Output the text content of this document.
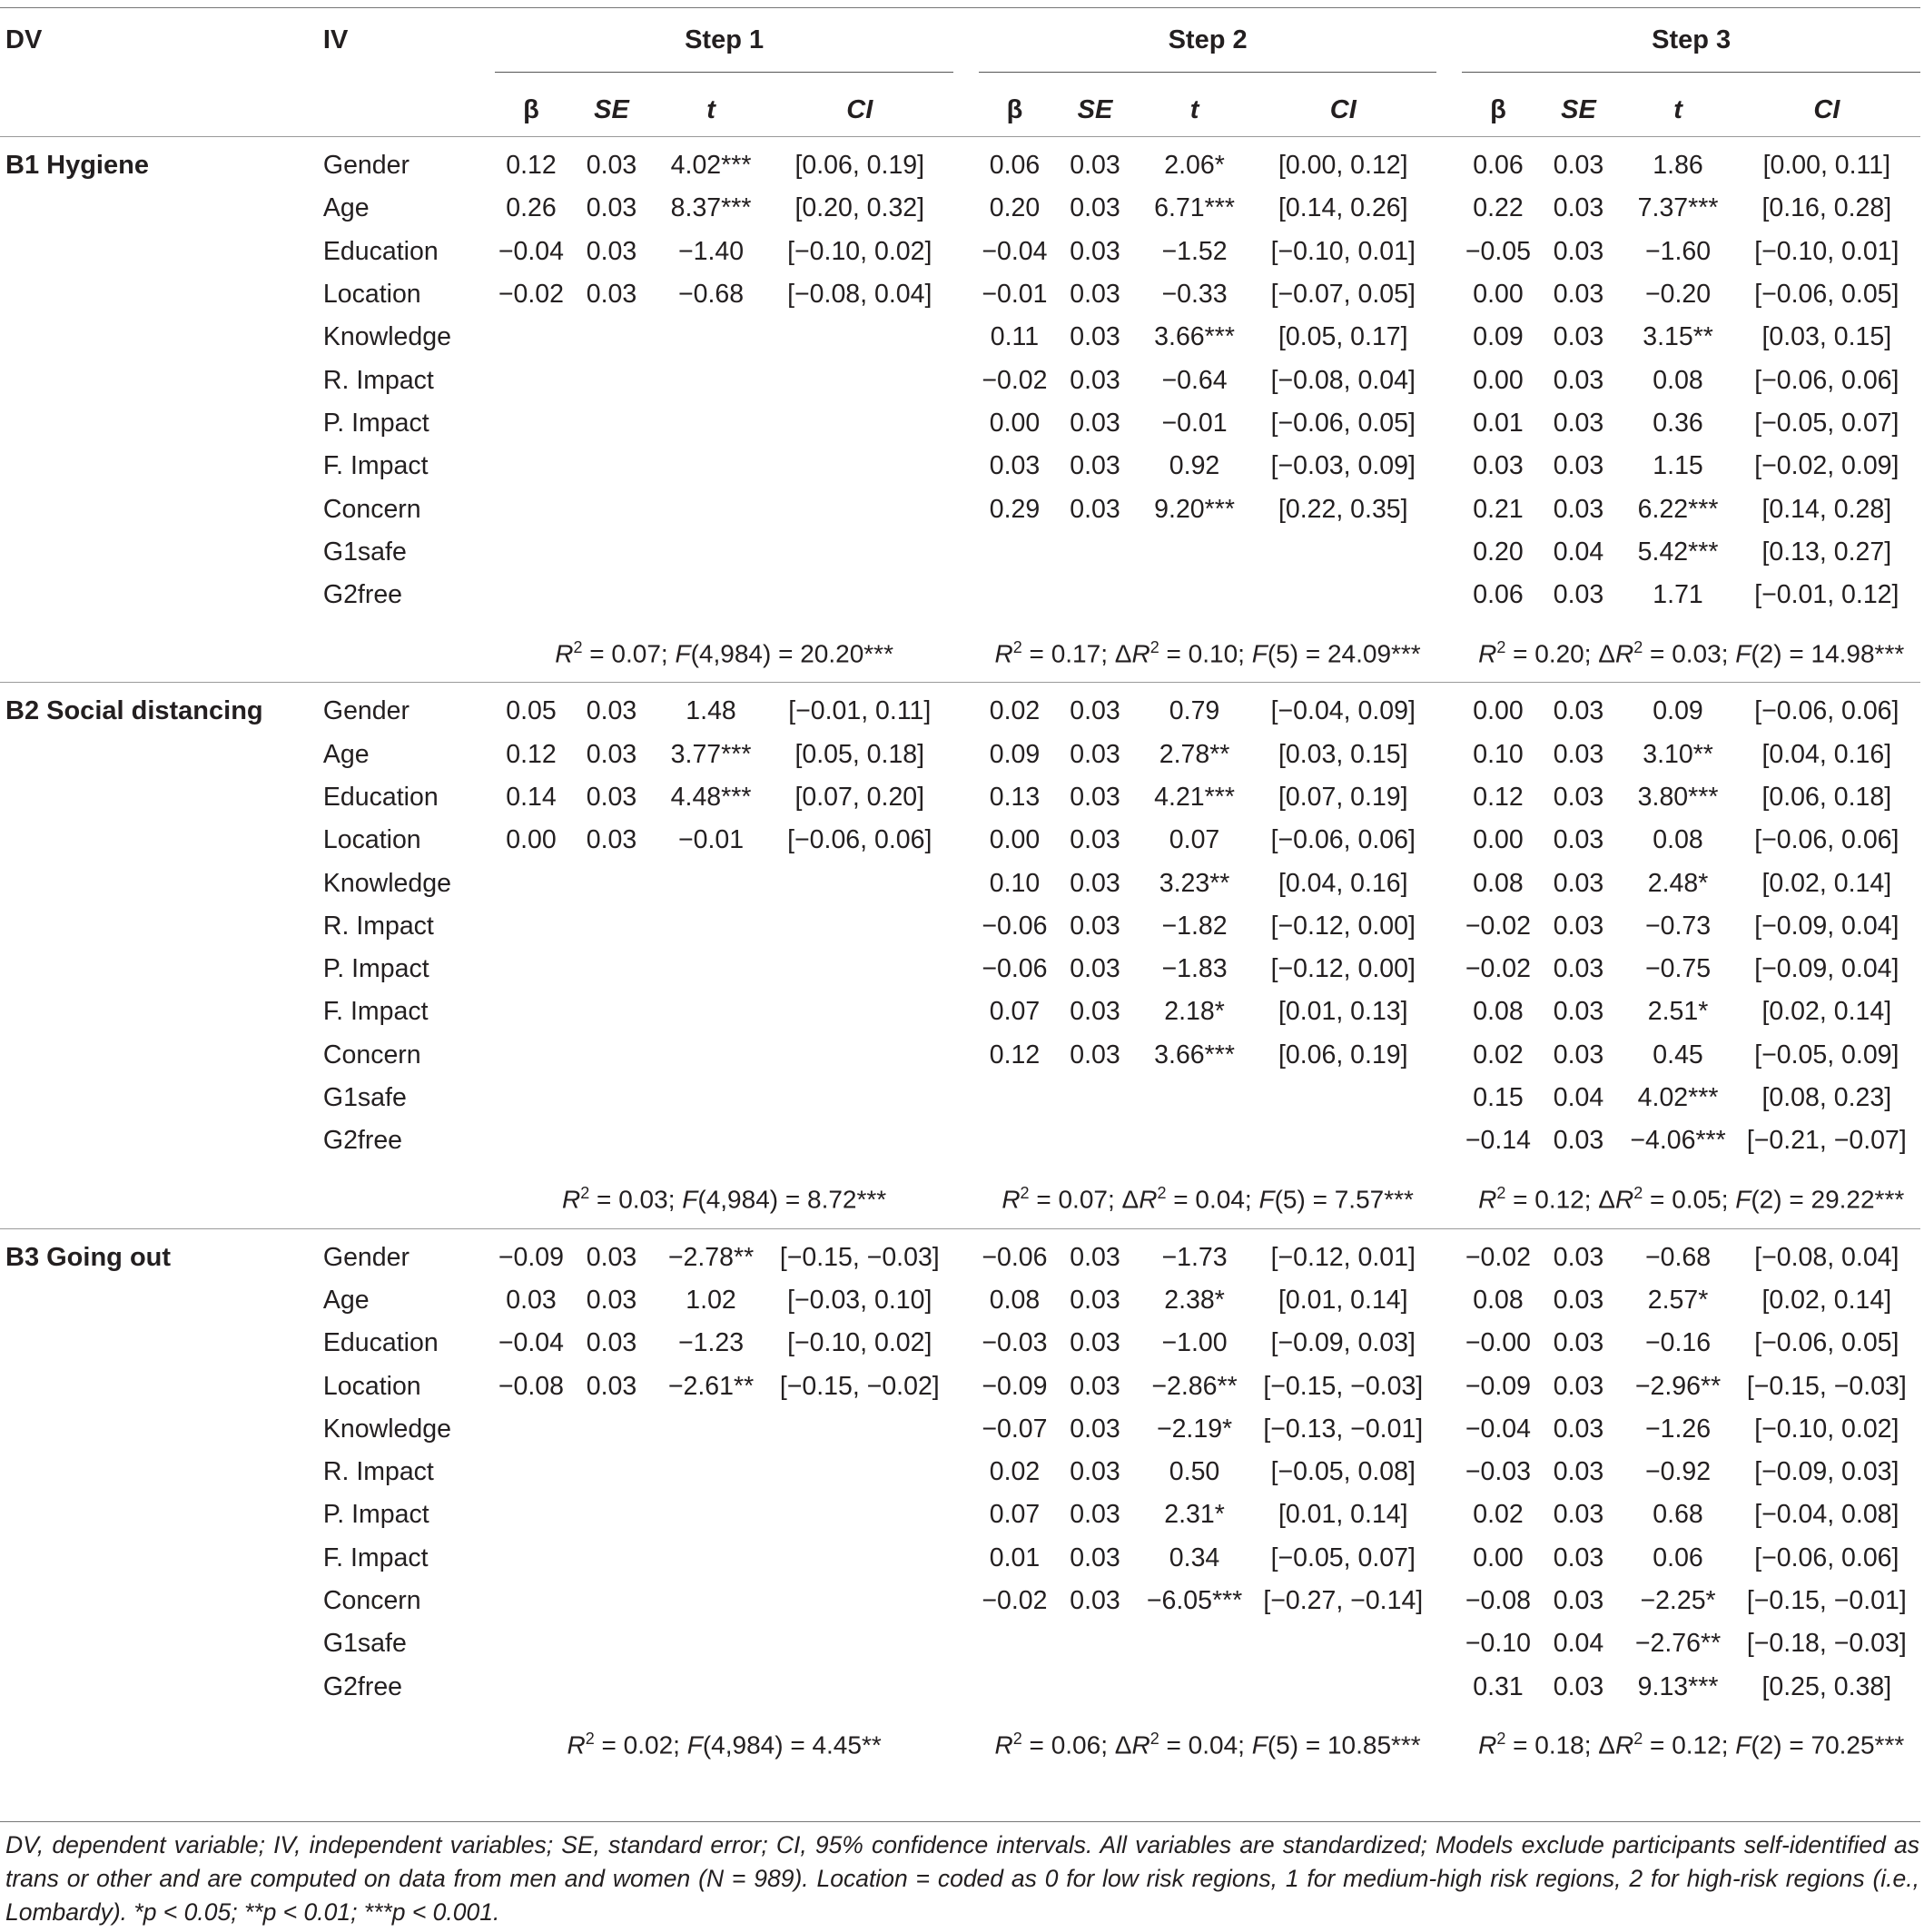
DV	IV	Step 1					Step 2					Step 3			

		β	SE	t	CI		β	SE	t	CI		β	SE	t	CI

B1 Hygiene	Gender	0.12	0.03	4.02***	[0.06, 0.19]		0.06	0.03	2.06*	[0.00, 0.12]		0.06	0.03	1.86	[0.00, 0.11]
	Age	0.26	0.03	8.37***	[0.20, 0.32]		0.20	0.03	6.71***	[0.14, 0.26]		0.22	0.03	7.37***	[0.16, 0.28]
	Education	−0.04	0.03	−1.40	[−0.10, 0.02]		−0.04	0.03	−1.52	[−0.10, 0.01]		−0.05	0.03	−1.60	[−0.10, 0.01]
	Location	−0.02	0.03	−0.68	[−0.08, 0.04]		−0.01	0.03	−0.33	[−0.07, 0.05]		0.00	0.03	−0.20	[−0.06, 0.05]
	Knowledge						0.11	0.03	3.66***	[0.05, 0.17]		0.09	0.03	3.15**	[0.03, 0.15]
	R. Impact						−0.02	0.03	−0.64	[−0.08, 0.04]		0.00	0.03	0.08	[−0.06, 0.06]
	P. Impact						0.00	0.03	−0.01	[−0.06, 0.05]		0.01	0.03	0.36	[−0.05, 0.07]
	F. Impact						0.03	0.03	0.92	[−0.03, 0.09]		0.03	0.03	1.15	[−0.02, 0.09]
	Concern						0.29	0.03	9.20***	[0.22, 0.35]		0.21	0.03	6.22***	[0.14, 0.28]
	G1safe											0.20	0.04	5.42***	[0.13, 0.27]
	G2free											0.06	0.03	1.71	[−0.01, 0.12]

		$R^2 = 0.07$; F(4,984) = 20.20***					$R^2 = 0.17$; $\Delta R^2 = 0.10$; F(5) = 24.09***					$R^2 = 0.20$; $\Delta R^2 = 0.03$; F(2) = 14.98***			

B2 Social distancing	Gender	0.05	0.03	1.48	[−0.01, 0.11]		0.02	0.03	0.79	[−0.04, 0.09]		0.00	0.03	0.09	[−0.06, 0.06]
	Age	0.12	0.03	3.77***	[0.05, 0.18]		0.09	0.03	2.78**	[0.03, 0.15]		0.10	0.03	3.10**	[0.04, 0.16]
	Education	0.14	0.03	4.48***	[0.07, 0.20]		0.13	0.03	4.21***	[0.07, 0.19]		0.12	0.03	3.80***	[0.06, 0.18]
	Location	0.00	0.03	−0.01	[−0.06, 0.06]		0.00	0.03	0.07	[−0.06, 0.06]		0.00	0.03	0.08	[−0.06, 0.06]
	Knowledge						0.10	0.03	3.23**	[0.04, 0.16]		0.08	0.03	2.48*	[0.02, 0.14]
	R. Impact						−0.06	0.03	−1.82	[−0.12, 0.00]		−0.02	0.03	−0.73	[−0.09, 0.04]
	P. Impact						−0.06	0.03	−1.83	[−0.12, 0.00]		−0.02	0.03	−0.75	[−0.09, 0.04]
	F. Impact						0.07	0.03	2.18*	[0.01, 0.13]		0.08	0.03	2.51*	[0.02, 0.14]
	Concern						0.12	0.03	3.66***	[0.06, 0.19]		0.02	0.03	0.45	[−0.05, 0.09]
	G1safe											0.15	0.04	4.02***	[0.08, 0.23]
	G2free											−0.14	0.03	−4.06***	[−0.21, −0.07]

		$R^2 = 0.03$; F(4,984) = 8.72***					$R^2 = 0.07$; $\Delta R^2 = 0.04$; F(5) = 7.57***					$R^2 = 0.12$; $\Delta R^2 = 0.05$; F(2) = 29.22***			

B3 Going out	Gender	−0.09	0.03	−2.78**	[−0.15, −0.03]		−0.06	0.03	−1.73	[−0.12, 0.01]		−0.02	0.03	−0.68	[−0.08, 0.04]
	Age	0.03	0.03	1.02	[−0.03, 0.10]		0.08	0.03	2.38*	[0.01, 0.14]		0.08	0.03	2.57*	[0.02, 0.14]
	Education	−0.04	0.03	−1.23	[−0.10, 0.02]		−0.03	0.03	−1.00	[−0.09, 0.03]		−0.00	0.03	−0.16	[−0.06, 0.05]
	Location	−0.08	0.03	−2.61**	[−0.15, −0.02]		−0.09	0.03	−2.86**	[−0.15, −0.03]		−0.09	0.03	−2.96**	[−0.15, −0.03]
	Knowledge						−0.07	0.03	−2.19*	[−0.13, −0.01]		−0.04	0.03	−1.26	[−0.10, 0.02]
	R. Impact						0.02	0.03	0.50	[−0.05, 0.08]		−0.03	0.03	−0.92	[−0.09, 0.03]
	P. Impact						0.07	0.03	2.31*	[0.01, 0.14]		0.02	0.03	0.68	[−0.04, 0.08]
	F. Impact						0.01	0.03	0.34	[−0.05, 0.07]		0.00	0.03	0.06	[−0.06, 0.06]
	Concern						−0.02	0.03	−6.05***	[−0.27, −0.14]		−0.08	0.03	−2.25*	[−0.15, −0.01]
	G1safe											−0.10	0.04	−2.76**	[−0.18, −0.03]
	G2free											0.31	0.03	9.13***	[0.25, 0.38]

		$R^2 = 0.02$; F(4,984) = 4.45**					$R^2 = 0.06$; $\Delta R^2 = 0.04$; F(5) = 10.85***					$R^2 = 0.18$; $\Delta R^2 = 0.12$; F(2) = 70.25***			
DV, dependent variable; IV, independent variables; SE, standard error; CI, 95% confidence intervals. All variables are standardized; Models exclude participants self-identified as trans or other and are computed on data from men and women (N = 989). Location = coded as 0 for low risk regions, 1 for medium-high risk regions, 2 for high-risk regions (i.e., Lombardy). *p < 0.05; **p < 0.01; ***p < 0.001.
